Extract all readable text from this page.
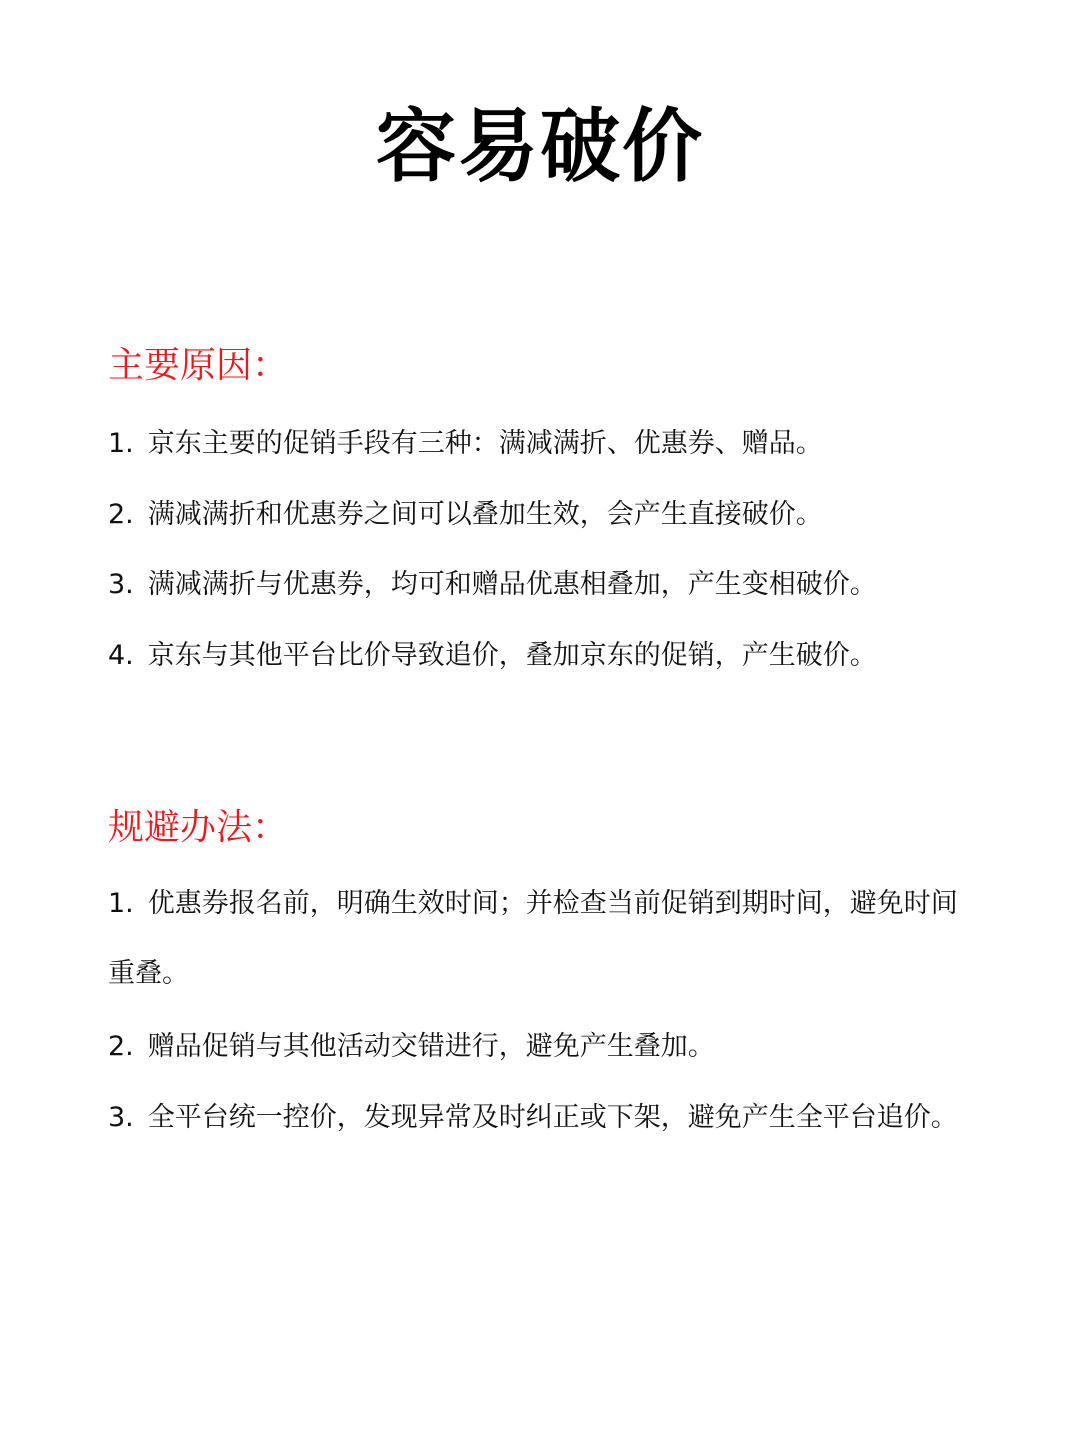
容易破价
主要原因：
1. 京东主要的促销手段有三种：满减满折、优惠券、赠品。
2. 满减满折和优惠券之间可以叠加生效，会产生直接破价。
3. 满减满折与优惠券，均可和赠品优惠相叠加，产生变相破价。
4. 京东与其他平台比价导致追价，叠加京东的促销，产生破价。
规避办法：
1. 优惠券报名前，明确生效时间；并检查当前促销到期时间，避免时间重叠。
2. 赠品促销与其他活动交错进行，避免产生叠加。
3. 全平台统一控价，发现异常及时纠正或下架，避免产生全平台追价。
